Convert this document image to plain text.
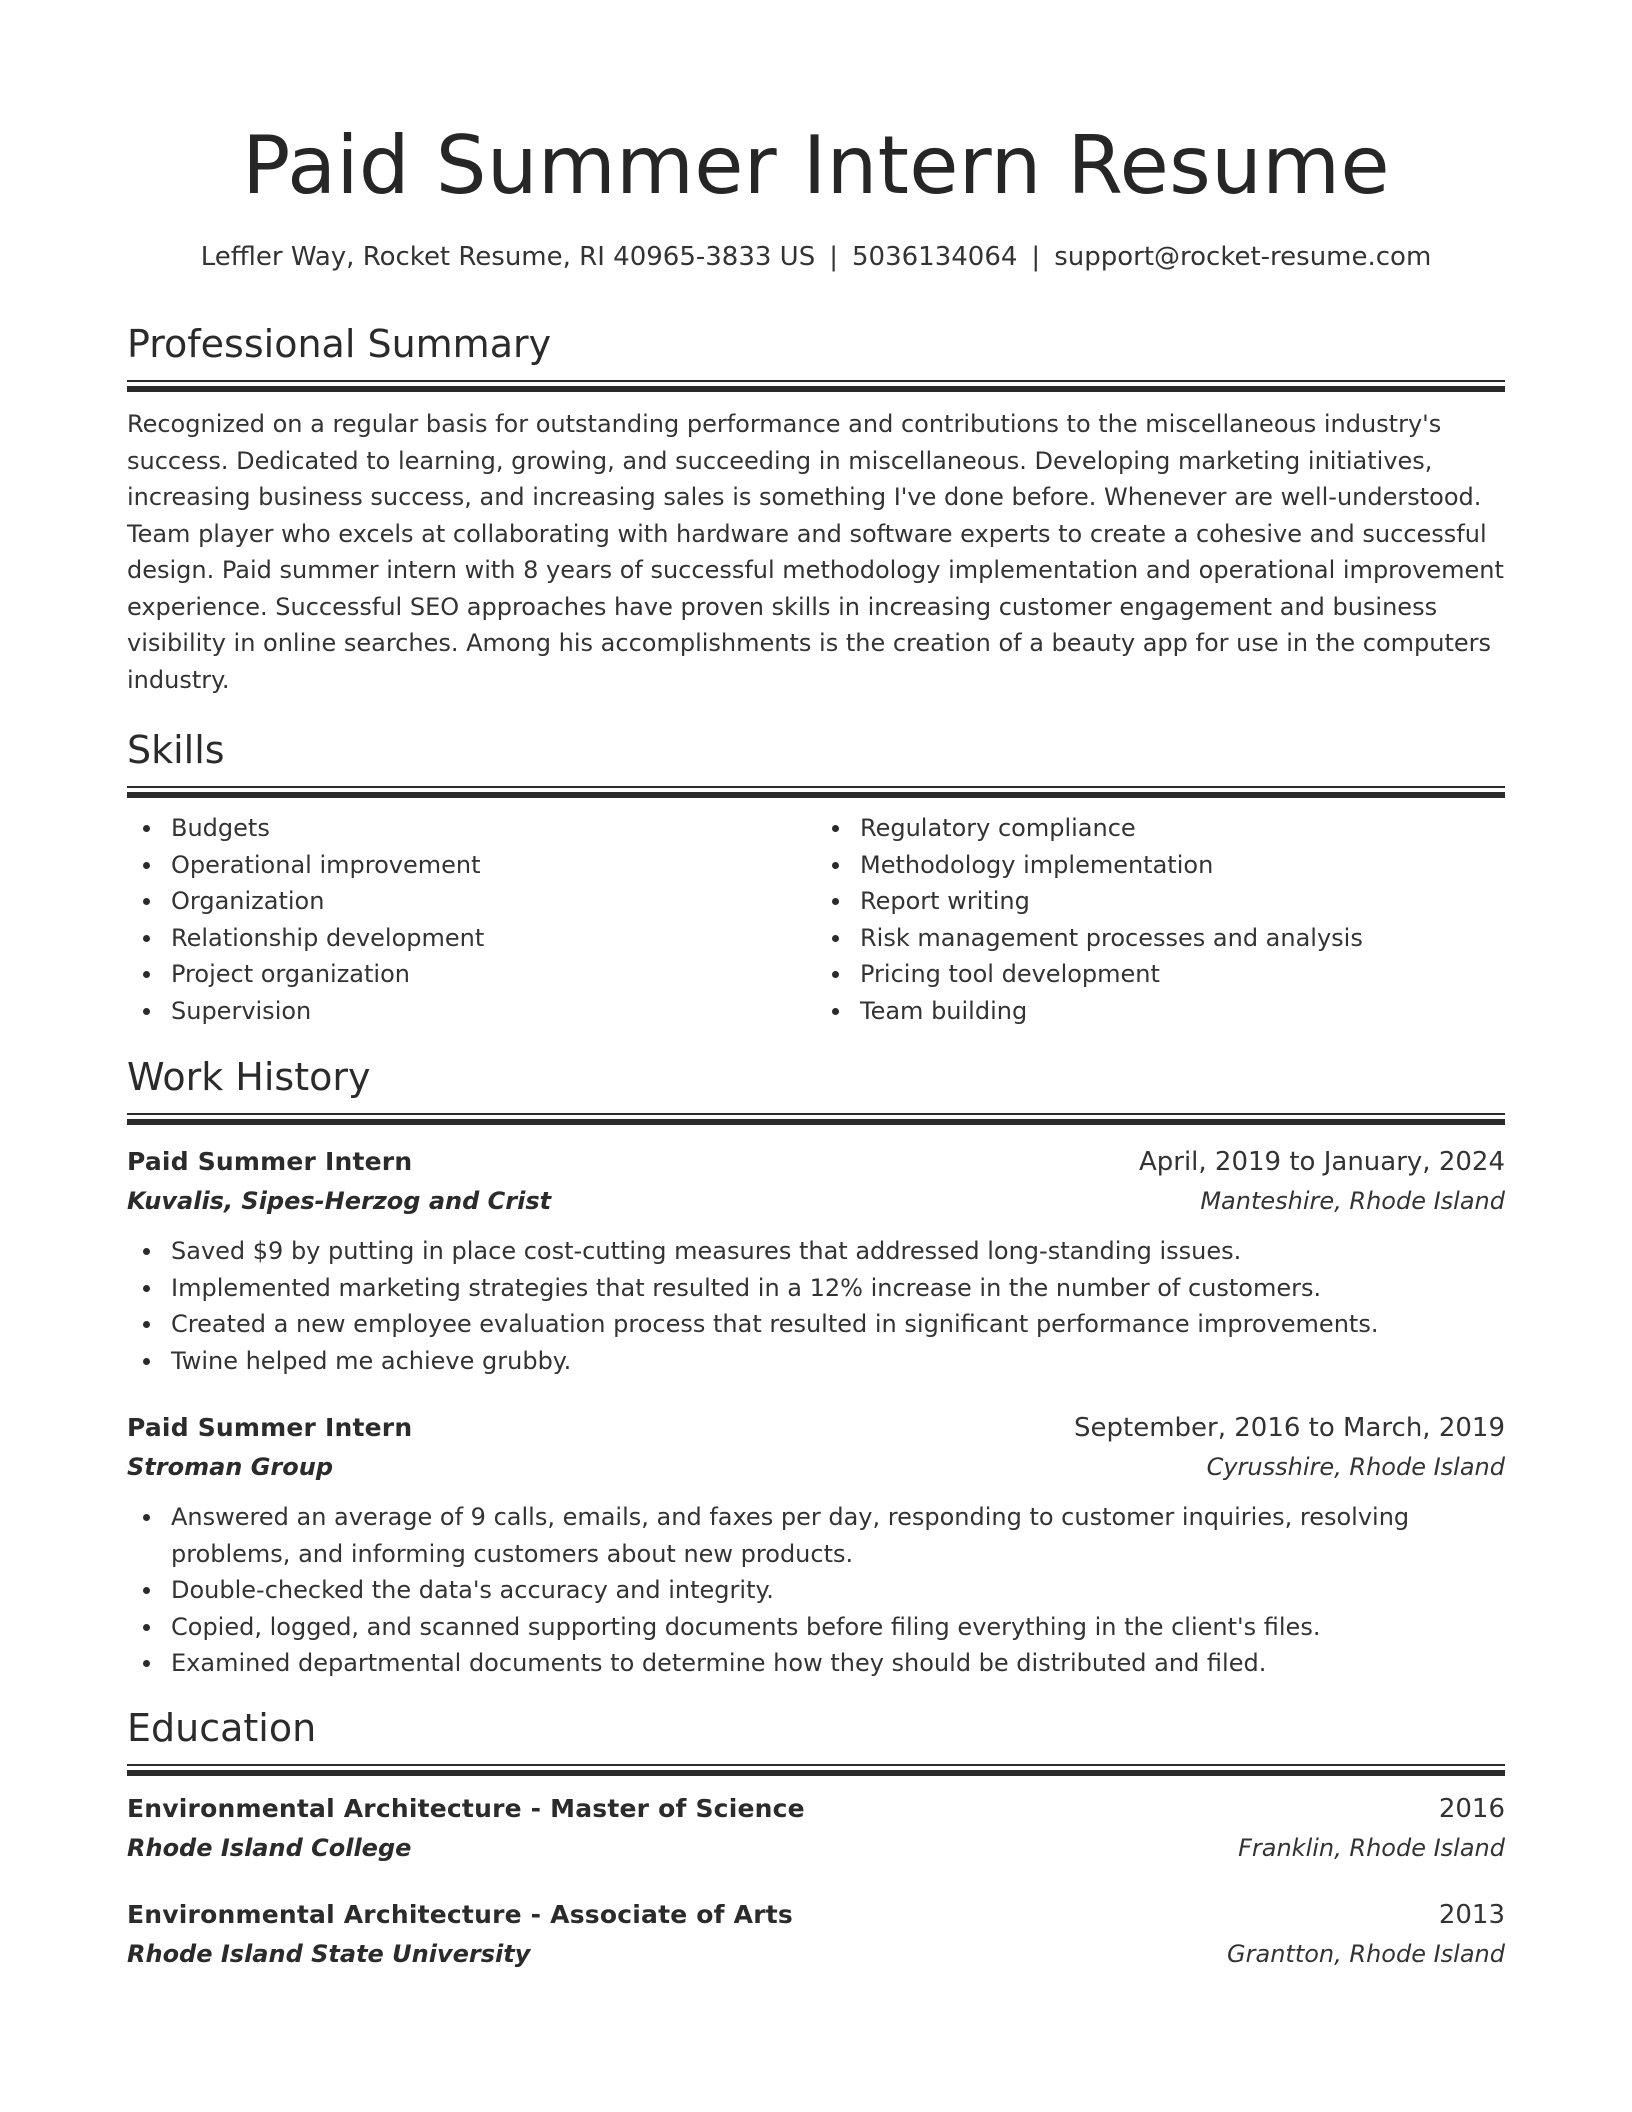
Paid Summer Intern Resume
Leffler Way, Rocket Resume, RI 40965-3833 US | 5036134064 | support@rocket-resume.com
Professional Summary

Recognized on a regular basis for outstanding performance and contributions to the miscellaneous industry's success. Dedicated to learning, growing, and succeeding in miscellaneous. Developing marketing initiatives, increasing business success, and increasing sales is something I've done before. Whenever are well-understood. Team player who excels at collaborating with hardware and software experts to create a cohesive and successful design. Paid summer intern with 8 years of successful methodology implementation and operational improvement experience. Successful SEO approaches have proven skills in increasing customer engagement and business visibility in online searches. Among his accomplishments is the creation of a beauty app for use in the computers industry.

Skills
Budgets
Operational improvement
Organization
Relationship development
Project organization
Supervision
Regulatory compliance
Methodology implementation
Report writing
Risk management processes and analysis
Pricing tool development
Team building
Work History
Paid Summer Intern	April, 2019 to January, 2024
Kuvalis, Sipes-Herzog and Crist	Manteshire, Rhode Island
Saved $9 by putting in place cost-cutting measures that addressed long-standing issues.
Implemented marketing strategies that resulted in a 12% increase in the number of customers.
Created a new employee evaluation process that resulted in significant performance improvements.
Twine helped me achieve grubby.
Paid Summer Intern	September, 2016 to March, 2019
Stroman Group	Cyrusshire, Rhode Island
Answered an average of 9 calls, emails, and faxes per day, responding to customer inquiries, resolving problems, and informing customers about new products.
Double-checked the data's accuracy and integrity.
Copied, logged, and scanned supporting documents before filing everything in the client's files.
Examined departmental documents to determine how they should be distributed and filed.
Education
Environmental Architecture - Master of Science	2016
Rhode Island College	Franklin, Rhode Island
Environmental Architecture - Associate of Arts	2013
Rhode Island State University	Grantton, Rhode Island
